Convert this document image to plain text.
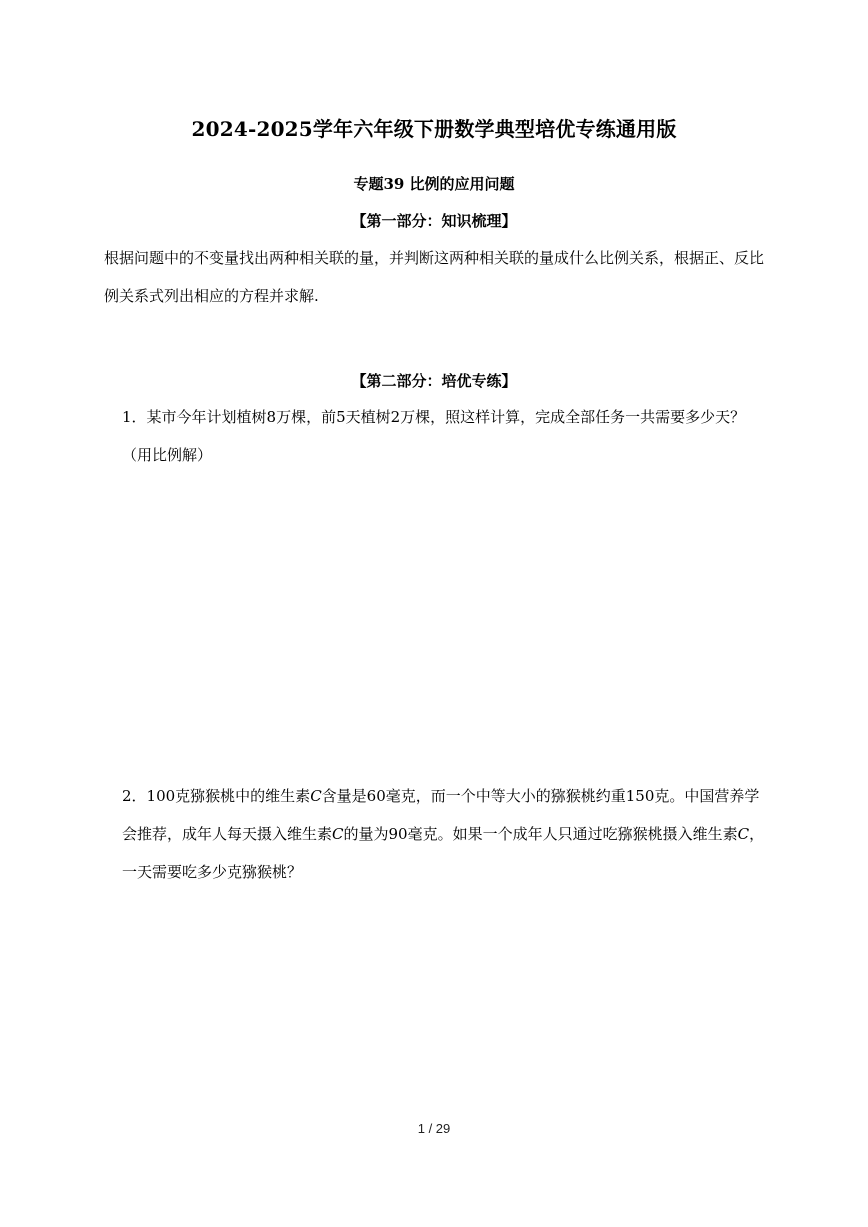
2024-2025学年六年级下册数学典型培优专练通用版
专题39 比例的应用问题
【第一部分：知识梳理】
根据问题中的不变量找出两种相关联的量，并判断这两种相关联的量成什么比例关系，根据正、反比例关系式列出相应的方程并求解.
【第二部分：培优专练】
1．某市今年计划植树8万棵，前5天植树2万棵，照这样计算，完成全部任务一共需要多少天？（用比例解）
2．100克猕猴桃中的维生素C含量是60毫克，而一个中等大小的猕猴桃约重150克。中国营养学会推荐，成年人每天摄入维生素C的量为90毫克。如果一个成年人只通过吃猕猴桃摄入维生素C，一天需要吃多少克猕猴桃？
1 / 29
